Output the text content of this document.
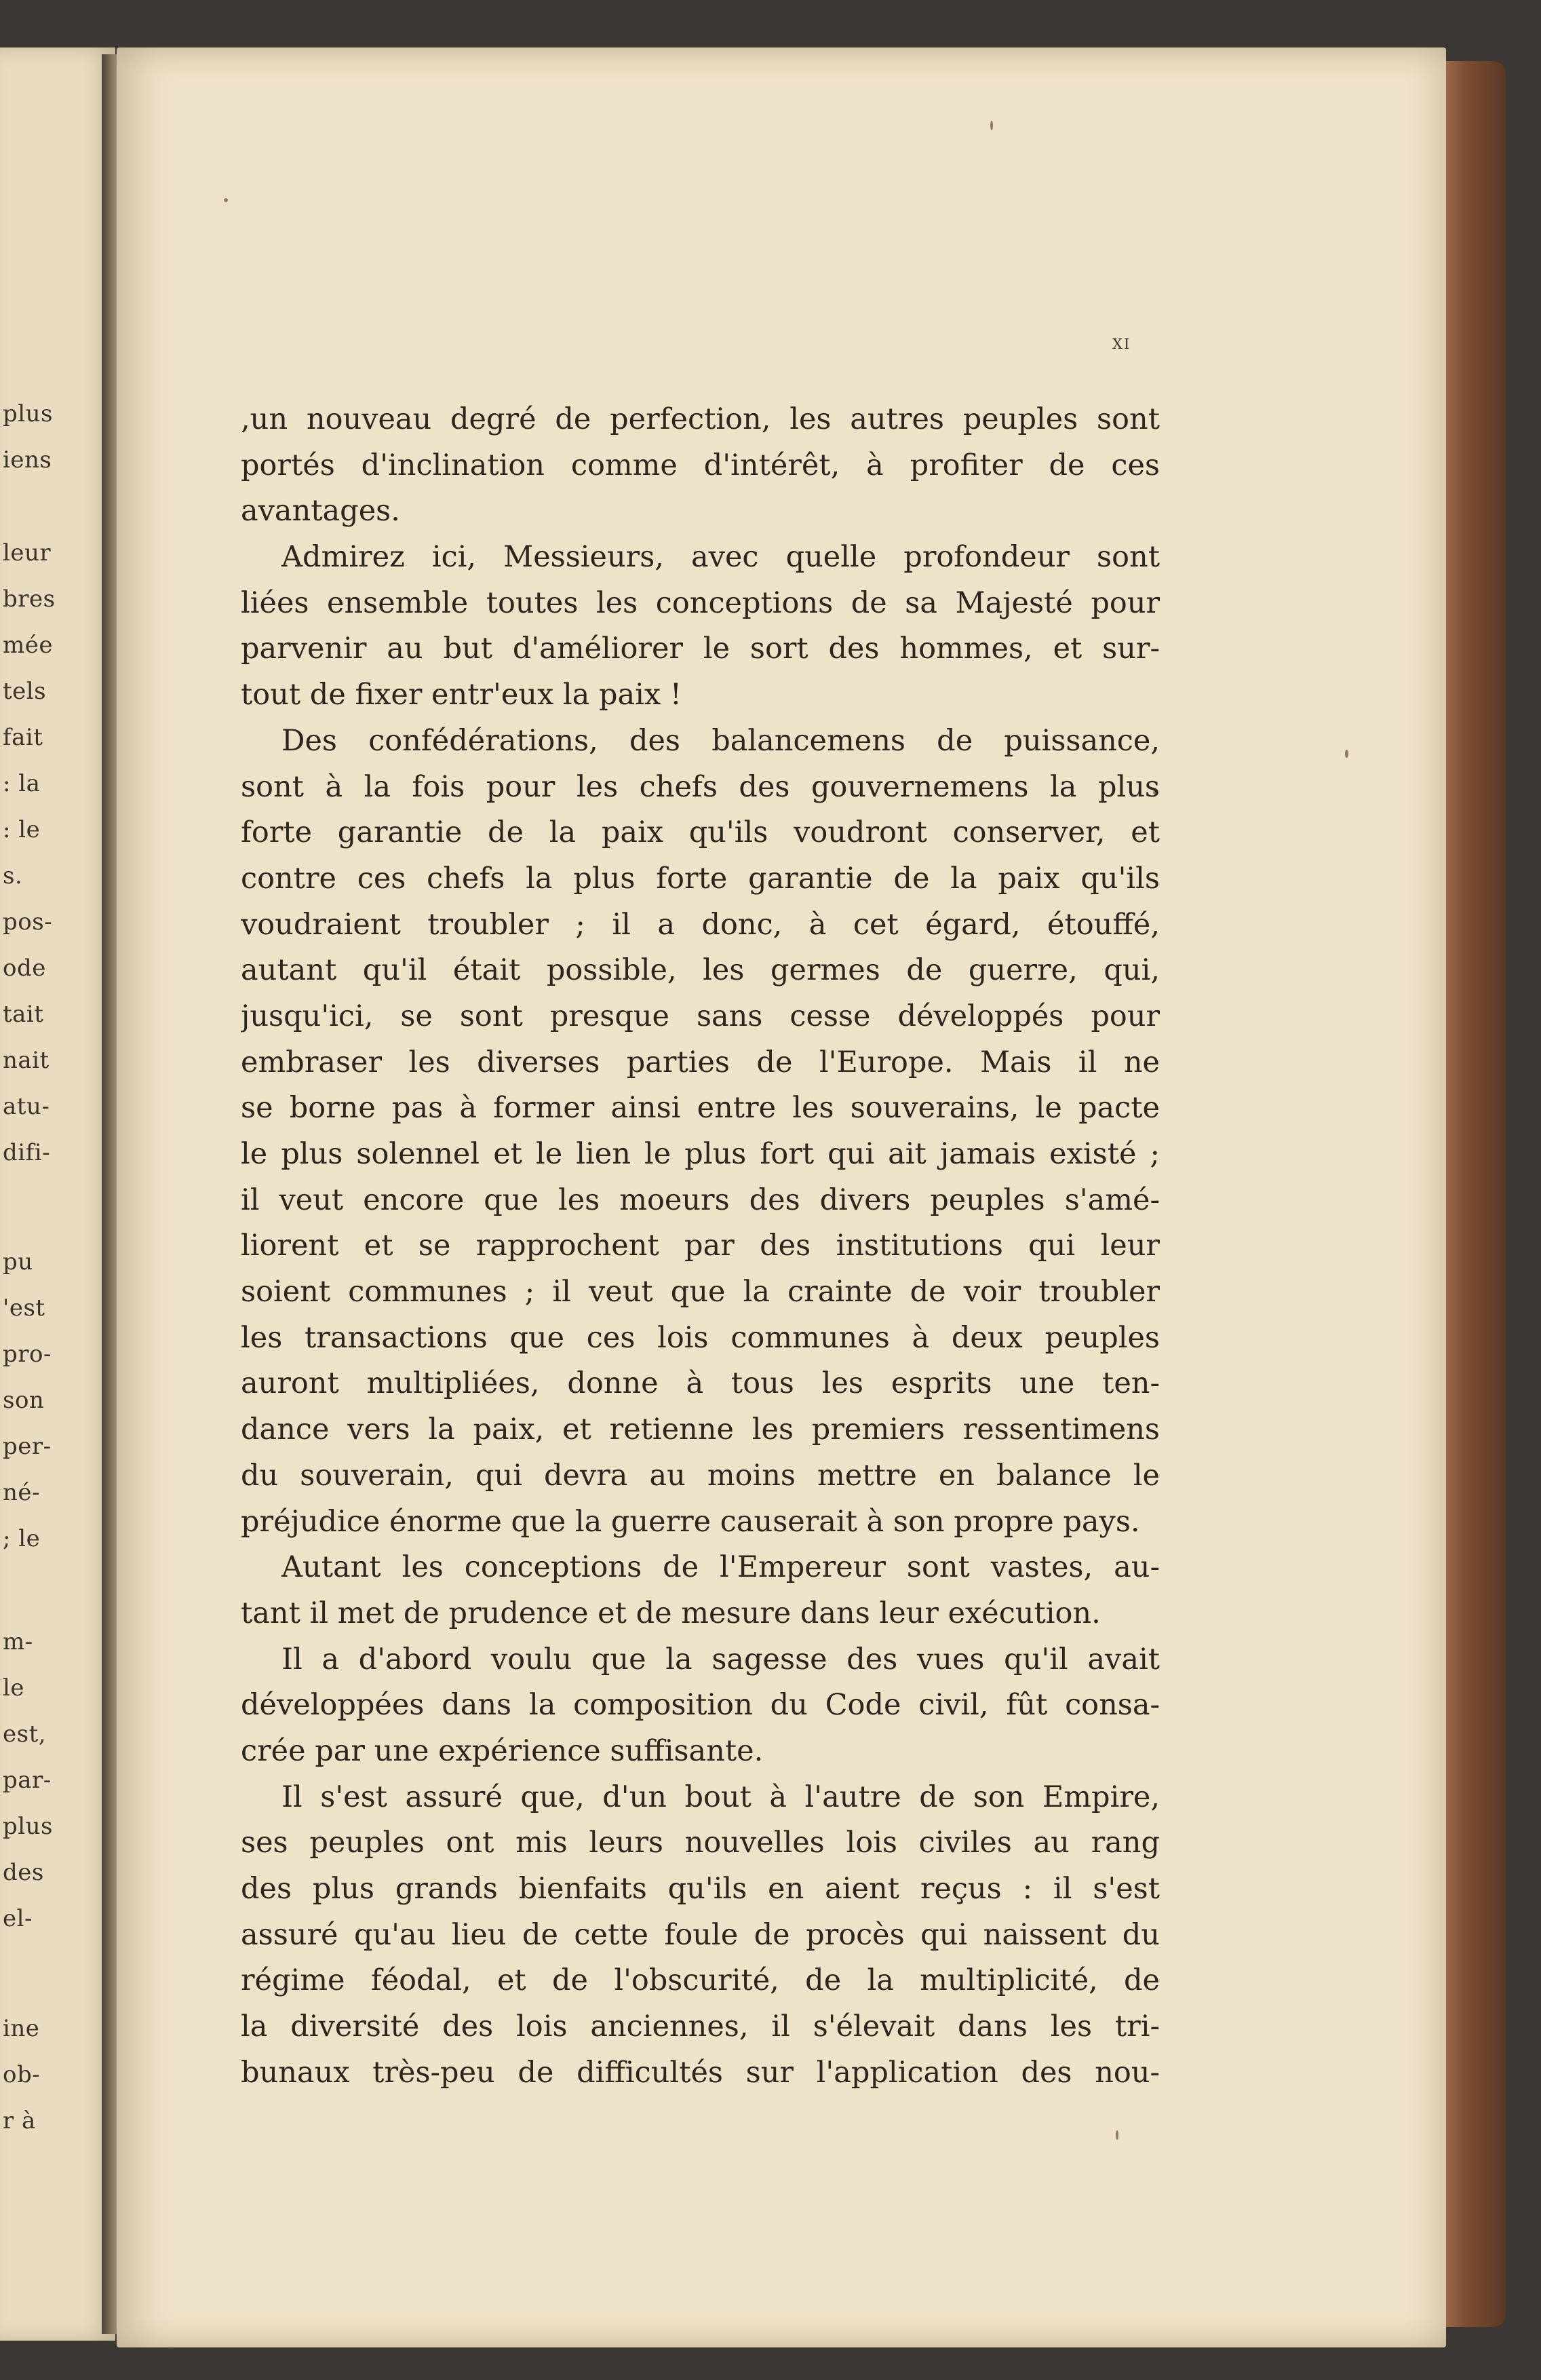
plus
iens
leur
bres
mée
tels
fait
: la
: le
s.
pos-
ode
tait
nait
atu-
difi-
pu
'est
pro-
son
per-
né-
; le
m-
le
est,
par-
plus
des
el-
ine
ob-
r à
xi
,un nouveau degré de perfection, les autres peuples sont
portés d'inclination comme d'intérêt, à profiter de ces
avantages.
Admirez ici, Messieurs, avec quelle profondeur sont
liées ensemble toutes les conceptions de sa Majesté pour
parvenir au but d'améliorer le sort des hommes, et sur-
tout de fixer entr'eux la paix !
Des confédérations, des balancemens de puissance,
sont à la fois pour les chefs des gouvernemens la plus
forte garantie de la paix qu'ils voudront conserver, et
contre ces chefs la plus forte garantie de la paix qu'ils
voudraient troubler ; il a donc, à cet égard, étouffé,
autant qu'il était possible, les germes de guerre, qui,
jusqu'ici, se sont presque sans cesse développés pour
embraser les diverses parties de l'Europe. Mais il ne
se borne pas à former ainsi entre les souverains, le pacte
le plus solennel et le lien le plus fort qui ait jamais existé ;
il veut encore que les moeurs des divers peuples s'amé-
liorent et se rapprochent par des institutions qui leur
soient communes ; il veut que la crainte de voir troubler
les transactions que ces lois communes à deux peuples
auront multipliées, donne à tous les esprits une ten-
dance vers la paix, et retienne les premiers ressentimens
du souverain, qui devra au moins mettre en balance le
préjudice énorme que la guerre causerait à son propre pays.
Autant les conceptions de l'Empereur sont vastes, au-
tant il met de prudence et de mesure dans leur exécution.
Il a d'abord voulu que la sagesse des vues qu'il avait
développées dans la composition du Code civil, fût consa-
crée par une expérience suffisante.
Il s'est assuré que, d'un bout à l'autre de son Empire,
ses peuples ont mis leurs nouvelles lois civiles au rang
des plus grands bienfaits qu'ils en aient reçus : il s'est
assuré qu'au lieu de cette foule de procès qui naissent du
régime féodal, et de l'obscurité, de la multiplicité, de
la diversité des lois anciennes, il s'élevait dans les tri-
bunaux très-peu de difficultés sur l'application des nou-
